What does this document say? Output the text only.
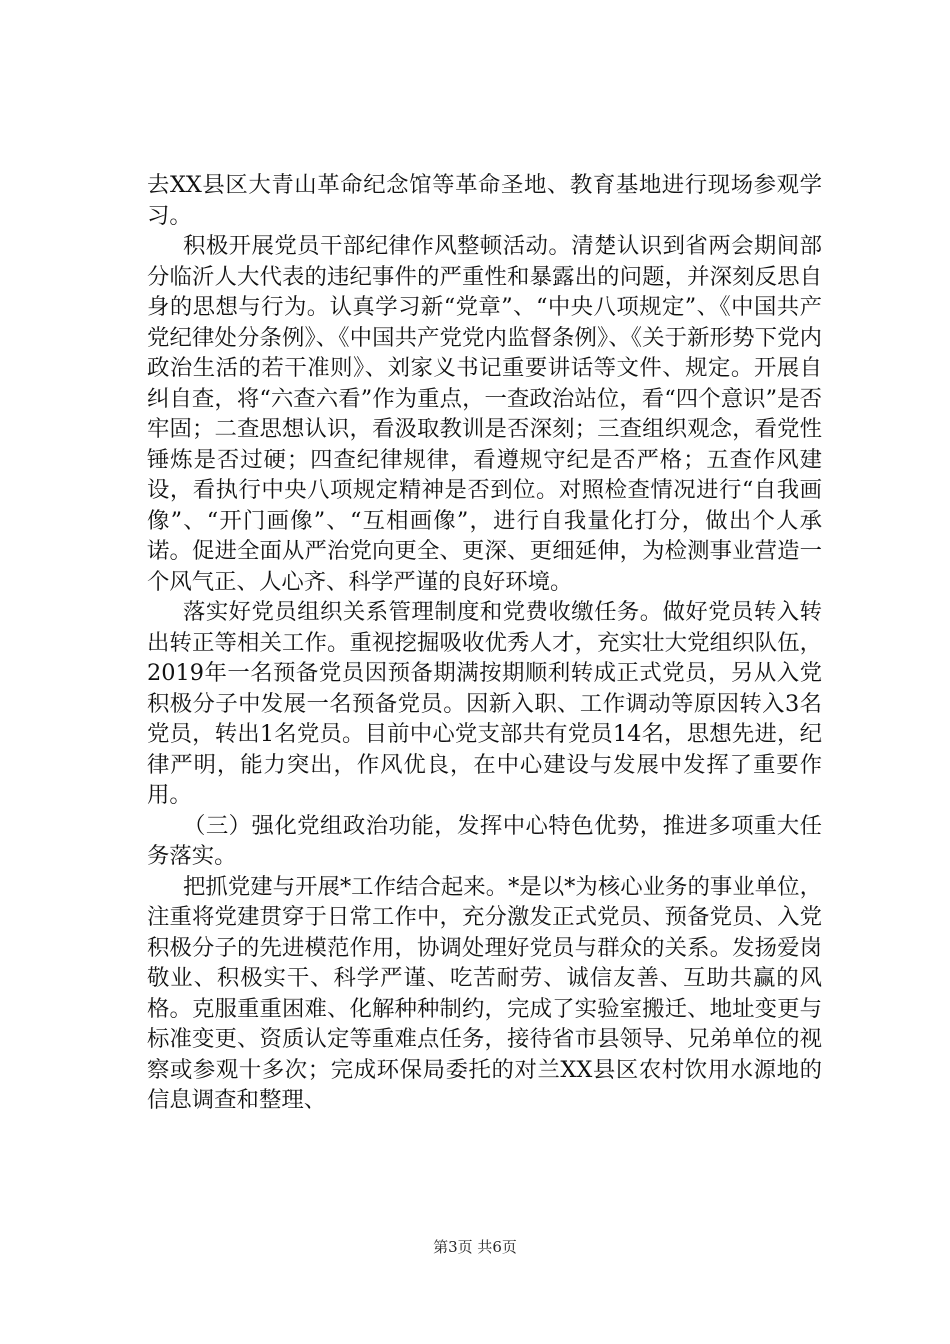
去XX县区大青山革命纪念馆等革命圣地、教育基地进行现场参观学习。

积极开展党员干部纪律作风整顿活动。清楚认识到省两会期间部分临沂人大代表的违纪事件的严重性和暴露出的问题，并深刻反思自身的思想与行为。认真学习新“党章”、“中央八项规定”、《中国共产党纪律处分条例》、《中国共产党党内监督条例》、《关于新形势下党内政治生活的若干准则》、刘家义书记重要讲话等文件、规定。开展自纠自查，将“六查六看”作为重点，一查政治站位，看“四个意识”是否牢固；二查思想认识，看汲取教训是否深刻；三查组织观念，看党性锤炼是否过硬；四查纪律规律，看遵规守纪是否严格；五查作风建设，看执行中央八项规定精神是否到位。对照检查情况进行“自我画像”、“开门画像”、“互相画像”，进行自我量化打分，做出个人承诺。促进全面从严治党向更全、更深、更细延伸，为检测事业营造一个风气正、人心齐、科学严谨的良好环境。

落实好党员组织关系管理制度和党费收缴任务。做好党员转入转出转正等相关工作。重视挖掘吸收优秀人才，充实壮大党组织队伍，2019年一名预备党员因预备期满按期顺利转成正式党员，另从入党积极分子中发展一名预备党员。因新入职、工作调动等原因转入3名党员，转出1名党员。目前中心党支部共有党员14名，思想先进，纪律严明，能力突出，作风优良，在中心建设与发展中发挥了重要作用。

（三）强化党组政治功能，发挥中心特色优势，推进多项重大任务落实。

把抓党建与开展*工作结合起来。*是以*为核心业务的事业单位，注重将党建贯穿于日常工作中，充分激发正式党员、预备党员、入党积极分子的先进模范作用，协调处理好党员与群众的关系。发扬爱岗敬业、积极实干、科学严谨、吃苦耐劳、诚信友善、互助共赢的风格。克服重重困难、化解种种制约，完成了实验室搬迁、地址变更与标准变更、资质认定等重难点任务，接待省市县领导、兄弟单位的视察或参观十多次；完成环保局委托的对兰XX县区农村饮用水源地的信息调查和整理、

第3页 共6页
